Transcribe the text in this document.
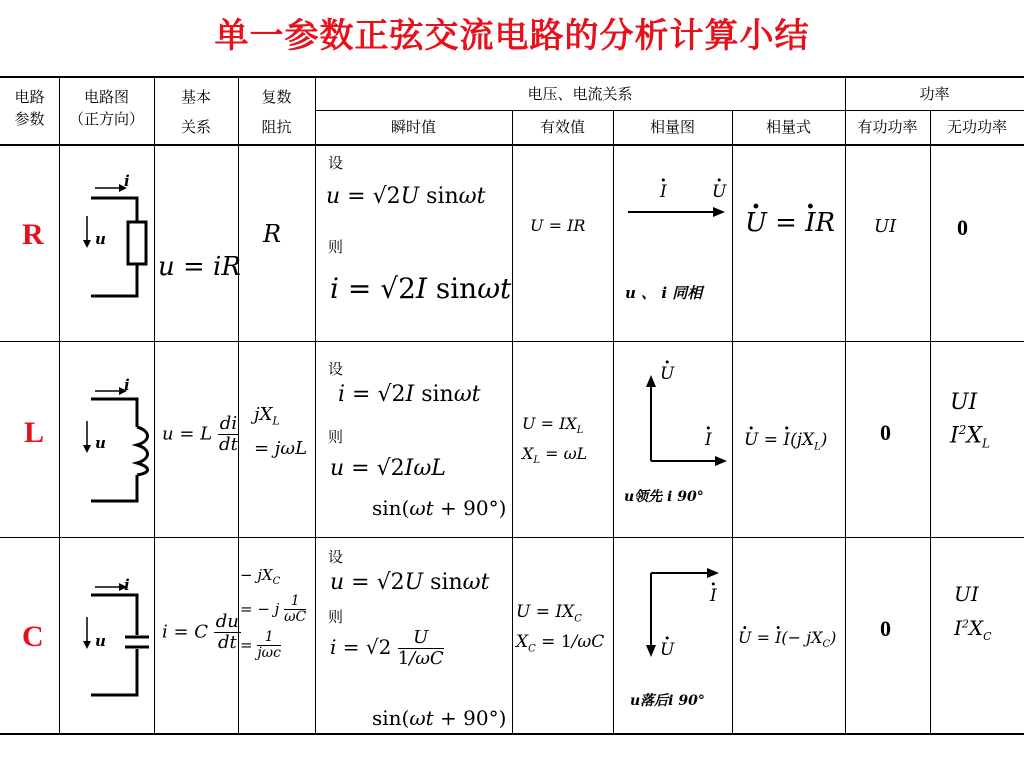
单一参数正弦交流电路的分析计算小结
电路
参数
电路图
（正方向）
基本
关系
复数
阻抗
电压、电流关系	功率
瞬时值	有效值	相量图	相量式	有功功率	无功功率
R
L
C
i
u
i
u
i
u
u = iR
R
设
u = √2U sinωt
则
i = √2I sinωt
U = IR
· I
·	U
u 、 i 同相
· U = · IR UI	0
u = L $\frac{di}{dt} jX_L$
= jωL
设
i = √2I sinωt
则
u = √2IωL
sin(ωt + 90°)
$U = IX_L$
$X_L = \omega L$
· U
· I
u领先 i 90°
· U = · $I(jX_L)$ 0
UI
$I^2X_L$
i = C $\frac{du}{dt}$
− $jX_C$
= − j $\frac{1}{\omega C}$
= $\frac{1}{\text{jωc}}$
设
u = √2U sinωt
则
$i = √2 \frac{U}{1/\omega C}$
sin(ωt + 90°)
$U = IX_C$
$X_C = 1/\omega C$
· I
· U
u落后i 90°
· U = · $I(- jX_C)$ 0
UI
$I^2X_C$
